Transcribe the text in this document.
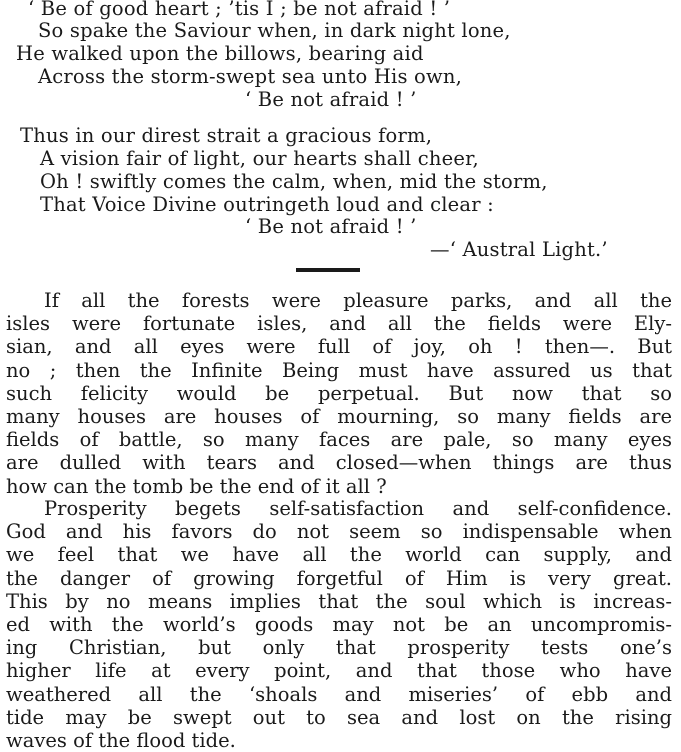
‘ Be of good heart ; ’tis I ; be not afraid ! ’
So spake the Saviour when, in dark night lone,
He walked upon the billows, bearing aid
Across the storm-swept sea unto His own,
‘ Be not afraid ! ’
Thus in our direst strait a gracious form,
A vision fair of light, our hearts shall cheer,
Oh ! swiftly comes the calm, when, mid the storm,
That Voice Divine outringeth loud and clear :
‘ Be not afraid ! ’
—‘ Austral Light.’
If all the forests were pleasure parks, and all the
isles were fortunate isles, and all the fields were Ely-
sian, and all eyes were full of joy, oh ! then—. But
no ; then the Infinite Being must have assured us that
such felicity would be perpetual. But now that so
many houses are houses of mourning, so many fields are
fields of battle, so many faces are pale, so many eyes
are dulled with tears and closed—when things are thus
how can the tomb be the end of it all ?
Prosperity begets self-satisfaction and self-confidence.
God and his favors do not seem so indispensable when
we feel that we have all the world can supply, and
the danger of growing forgetful of Him is very great.
This by no means implies that the soul which is increas-
ed with the world’s goods may not be an uncompromis-
ing Christian, but only that prosperity tests one’s
higher life at every point, and that those who have
weathered all the ‘shoals and miseries’ of ebb and
tide may be swept out to sea and lost on the rising
waves of the flood tide.
